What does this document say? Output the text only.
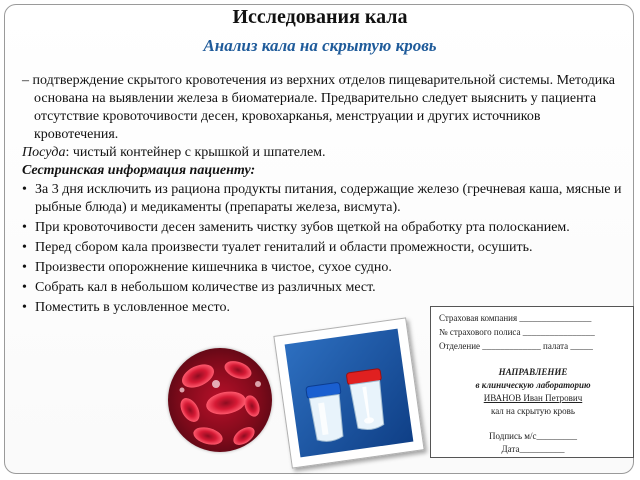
Исследования кала
Анализ кала на скрытую кровь

– подтверждение скрытого кровотечения из верхних отделов пищеварительной системы. Методика основана на выявлении железа в биоматериале. Предварительно следует выяснить у пациента отсутствие кровоточивости десен, кровохарканья, менструации и других источников кровотечения.

Посуда: чистый контейнер с крышкой и шпателем.

Сестринская информация пациенту:

• За 3 дня исключить из рациона продукты питания, содержащие железо (гречневая каша, мясные и рыбные блюда) и медикаменты (препараты железа, висмута).
• При кровоточивости десен заменить чистку зубов щеткой на обработку рта полосканием.
• Перед сбором кала произвести туалет гениталий и области промежности, осушить.
• Произвести опорожнение кишечника в чистое, сухое судно.
• Собрать кал в небольшом количестве из различных мест.
• Поместить в условленное место.
Страховая компания ________________
№ страхового полиса ________________
Отделение _____________ палата _____
НАПРАВЛЕНИЕ
в клиническую лабораторию
ИВАНОВ Иван Петрович
кал на скрытую кровь
Подпись м/с_________
Дата__________
